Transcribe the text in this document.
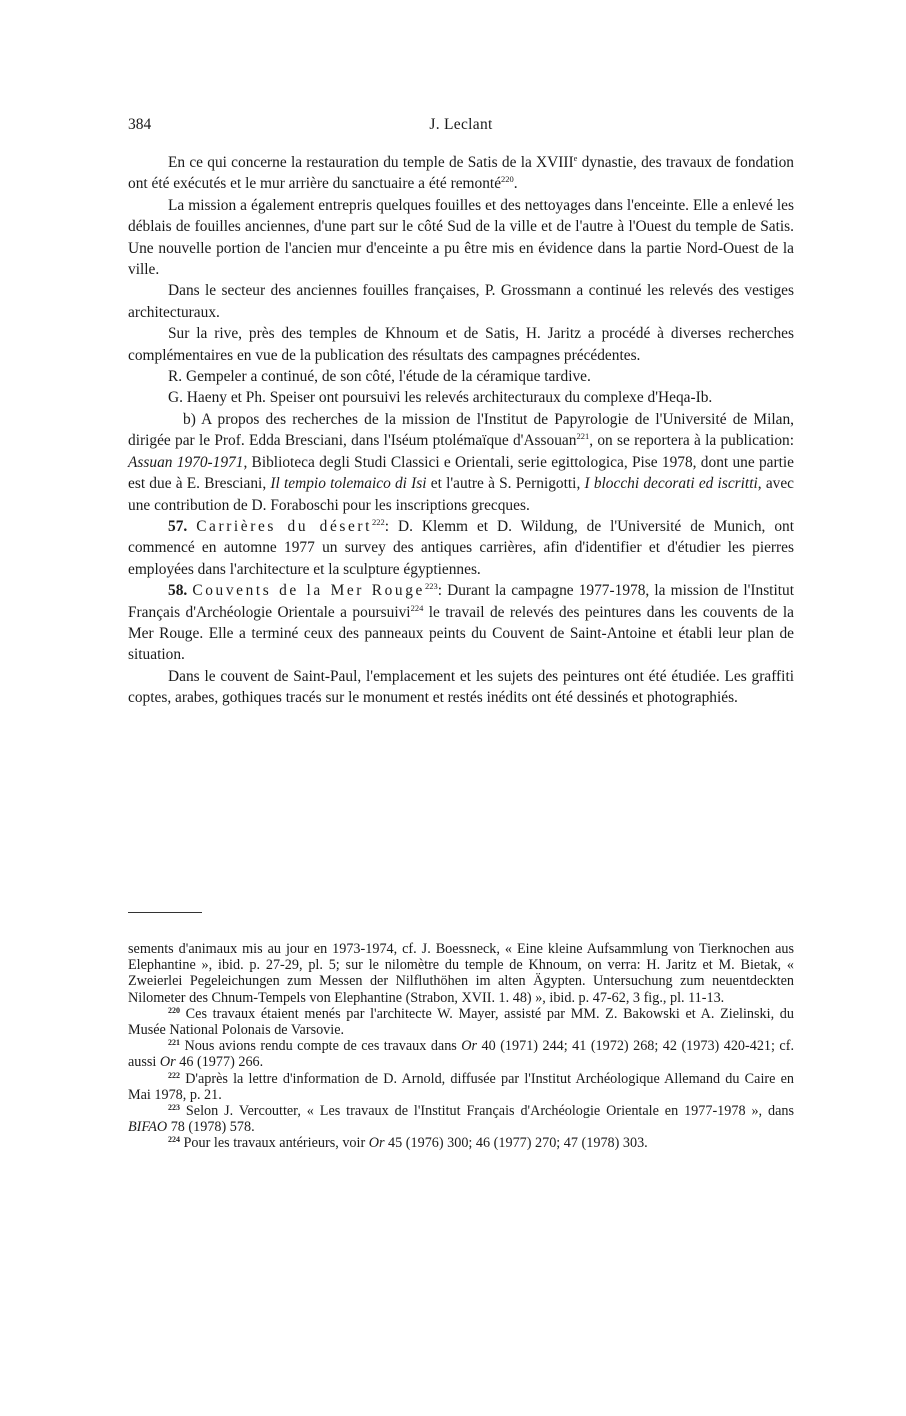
384	J. Leclant

En ce qui concerne la restauration du temple de Satis de la XVIIIe dynastie, des travaux de fondation ont été exécutés et le mur arrière du sanctuaire a été remonté$^{220}$.

La mission a également entrepris quelques fouilles et des nettoyages dans l'enceinte. Elle a enlevé les déblais de fouilles anciennes, d'une part sur le côté Sud de la ville et de l'autre à l'Ouest du temple de Satis. Une nouvelle portion de l'ancien mur d'enceinte a pu être mis en évidence dans la partie Nord-Ouest de la ville.

Dans le secteur des anciennes fouilles françaises, P. Grossmann a continué les relevés des vestiges architecturaux.

Sur la rive, près des temples de Khnoum et de Satis, H. Jaritz a procédé à diverses recherches complémentaires en vue de la publication des résultats des campagnes précédentes.

R. Gempeler a continué, de son côté, l'étude de la céramique tardive.

G. Haeny et Ph. Speiser ont poursuivi les relevés architecturaux du complexe d'Heqa-Ib.

b) A propos des recherches de la mission de l'Institut de Papyrologie de l'Université de Milan, dirigée par le Prof. Edda Bresciani, dans l'Iséum ptolémaïque d'Assouan$^{221}$, on se reportera à la publication: Assuan 1970-1971, Biblioteca degli Studi Classici e Orientali, serie egittologica, Pise 1978, dont une partie est due à E. Bresciani, Il tempio tolemaico di Isi et l'autre à S. Pernigotti, I blocchi decorati ed iscritti, avec une contribution de D. Foraboschi pour les inscriptions grecques.

57. Carrières du désert$^{222}$: D. Klemm et D. Wildung, de l'Université de Munich, ont commencé en automne 1977 un survey des antiques carrières, afin d'identifier et d'étudier les pierres employées dans l'architecture et la sculpture égyptiennes.

58. Couvents de la Mer Rouge$^{223}$: Durant la campagne 1977-1978, la mission de l'Institut Français d'Archéologie Orientale a poursuivi$^{224}$ le travail de relevés des peintures dans les couvents de la Mer Rouge. Elle a terminé ceux des panneaux peints du Couvent de Saint-Antoine et établi leur plan de situation.

Dans le couvent de Saint-Paul, l'emplacement et les sujets des peintures ont été étudiée. Les graffiti coptes, arabes, gothiques tracés sur le monument et restés inédits ont été dessinés et photographiés.

sements d'animaux mis au jour en 1973-1974, cf. J. Boessneck, « Eine kleine Aufsammlung von Tierknochen aus Elephantine », ibid. p. 27-29, pl. 5; sur le nilomètre du temple de Khnoum, on verra: H. Jaritz et M. Bietak, « Zweierlei Pegeleichungen zum Messen der Nilfluthöhen im alten Ägypten. Untersuchung zum neuentdeckten Nilometer des Chnum-Tempels von Elephantine (Strabon, XVII. 1. 48) », ibid. p. 47-62, 3 fig., pl. 11-13.

$^{220}$ Ces travaux étaient menés par l'architecte W. Mayer, assisté par MM. Z. Bakowski et A. Zielinski, du Musée National Polonais de Varsovie.

$^{221}$ Nous avions rendu compte de ces travaux dans Or 40 (1971) 244; 41 (1972) 268; 42 (1973) 420-421; cf. aussi Or 46 (1977) 266.

$^{222}$ D'après la lettre d'information de D. Arnold, diffusée par l'Institut Archéologique Allemand du Caire en Mai 1978, p. 21.

$^{223}$ Selon J. Vercoutter, « Les travaux de l'Institut Français d'Archéologie Orientale en 1977-1978 », dans BIFAO 78 (1978) 578.

$^{224}$ Pour les travaux antérieurs, voir Or 45 (1976) 300; 46 (1977) 270; 47 (1978) 303.
